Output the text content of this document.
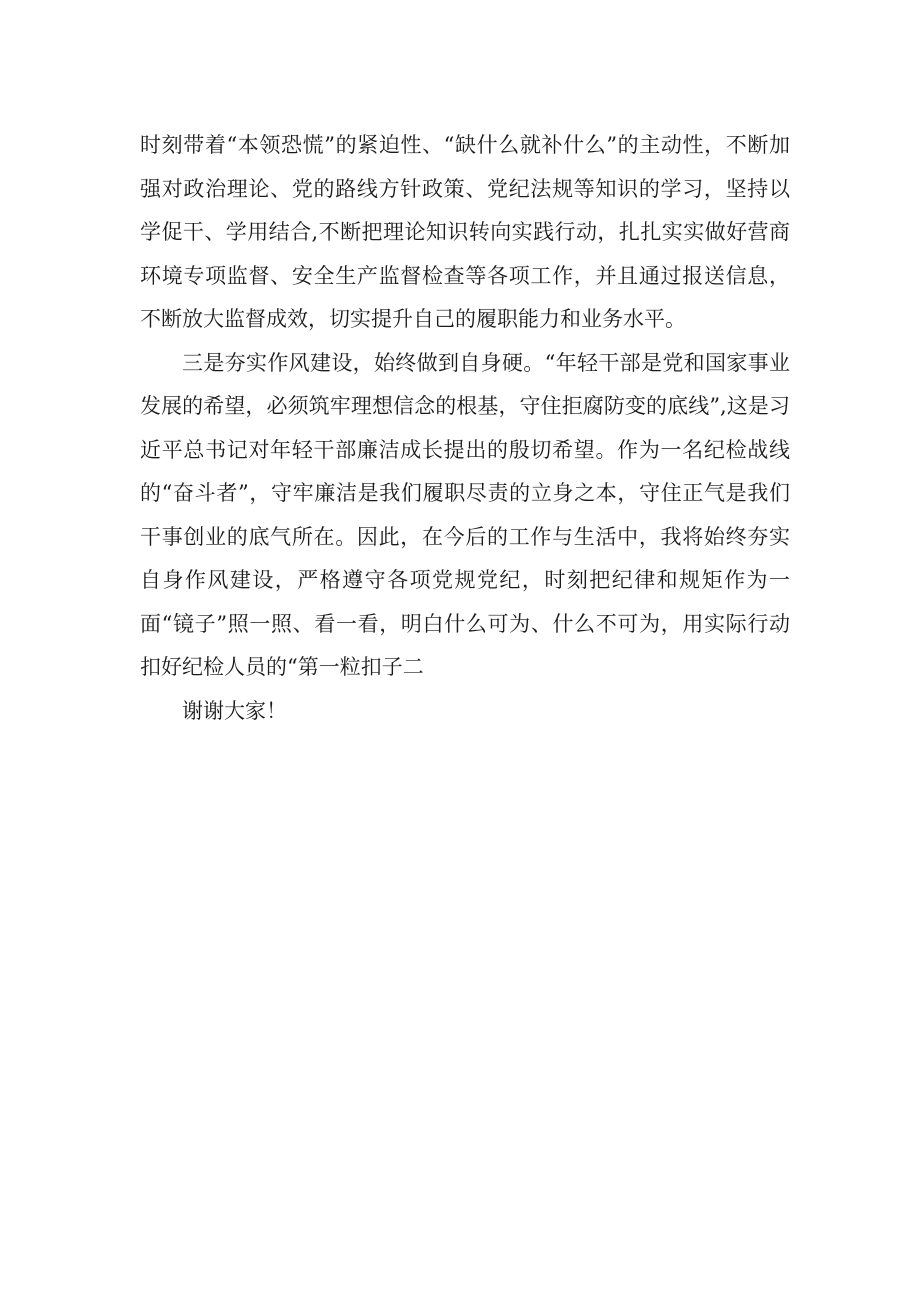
时刻带着“本领恐慌”的紧迫性、“缺什么就补什么”的主动性，不断加强对政治理论、党的路线方针政策、党纪法规等知识的学习，坚持以学促干、学用结合,不断把理论知识转向实践行动，扎扎实实做好营商环境专项监督、安全生产监督检查等各项工作，并且通过报送信息，不断放大监督成效，切实提升自己的履职能力和业务水平。

三是夯实作风建设，始终做到自身硬。“年轻干部是党和国家事业发展的希望，必须筑牢理想信念的根基，守住拒腐防变的底线”,这是习近平总书记对年轻干部廉洁成长提出的殷切希望。作为一名纪检战线的“奋斗者”，守牢廉洁是我们履职尽责的立身之本，守住正气是我们干事创业的底气所在。因此，在今后的工作与生活中，我将始终夯实自身作风建设，严格遵守各项党规党纪，时刻把纪律和规矩作为一面“镜子”照一照、看一看，明白什么可为、什么不可为，用实际行动扣好纪检人员的“第一粒扣子二

谢谢大家！
